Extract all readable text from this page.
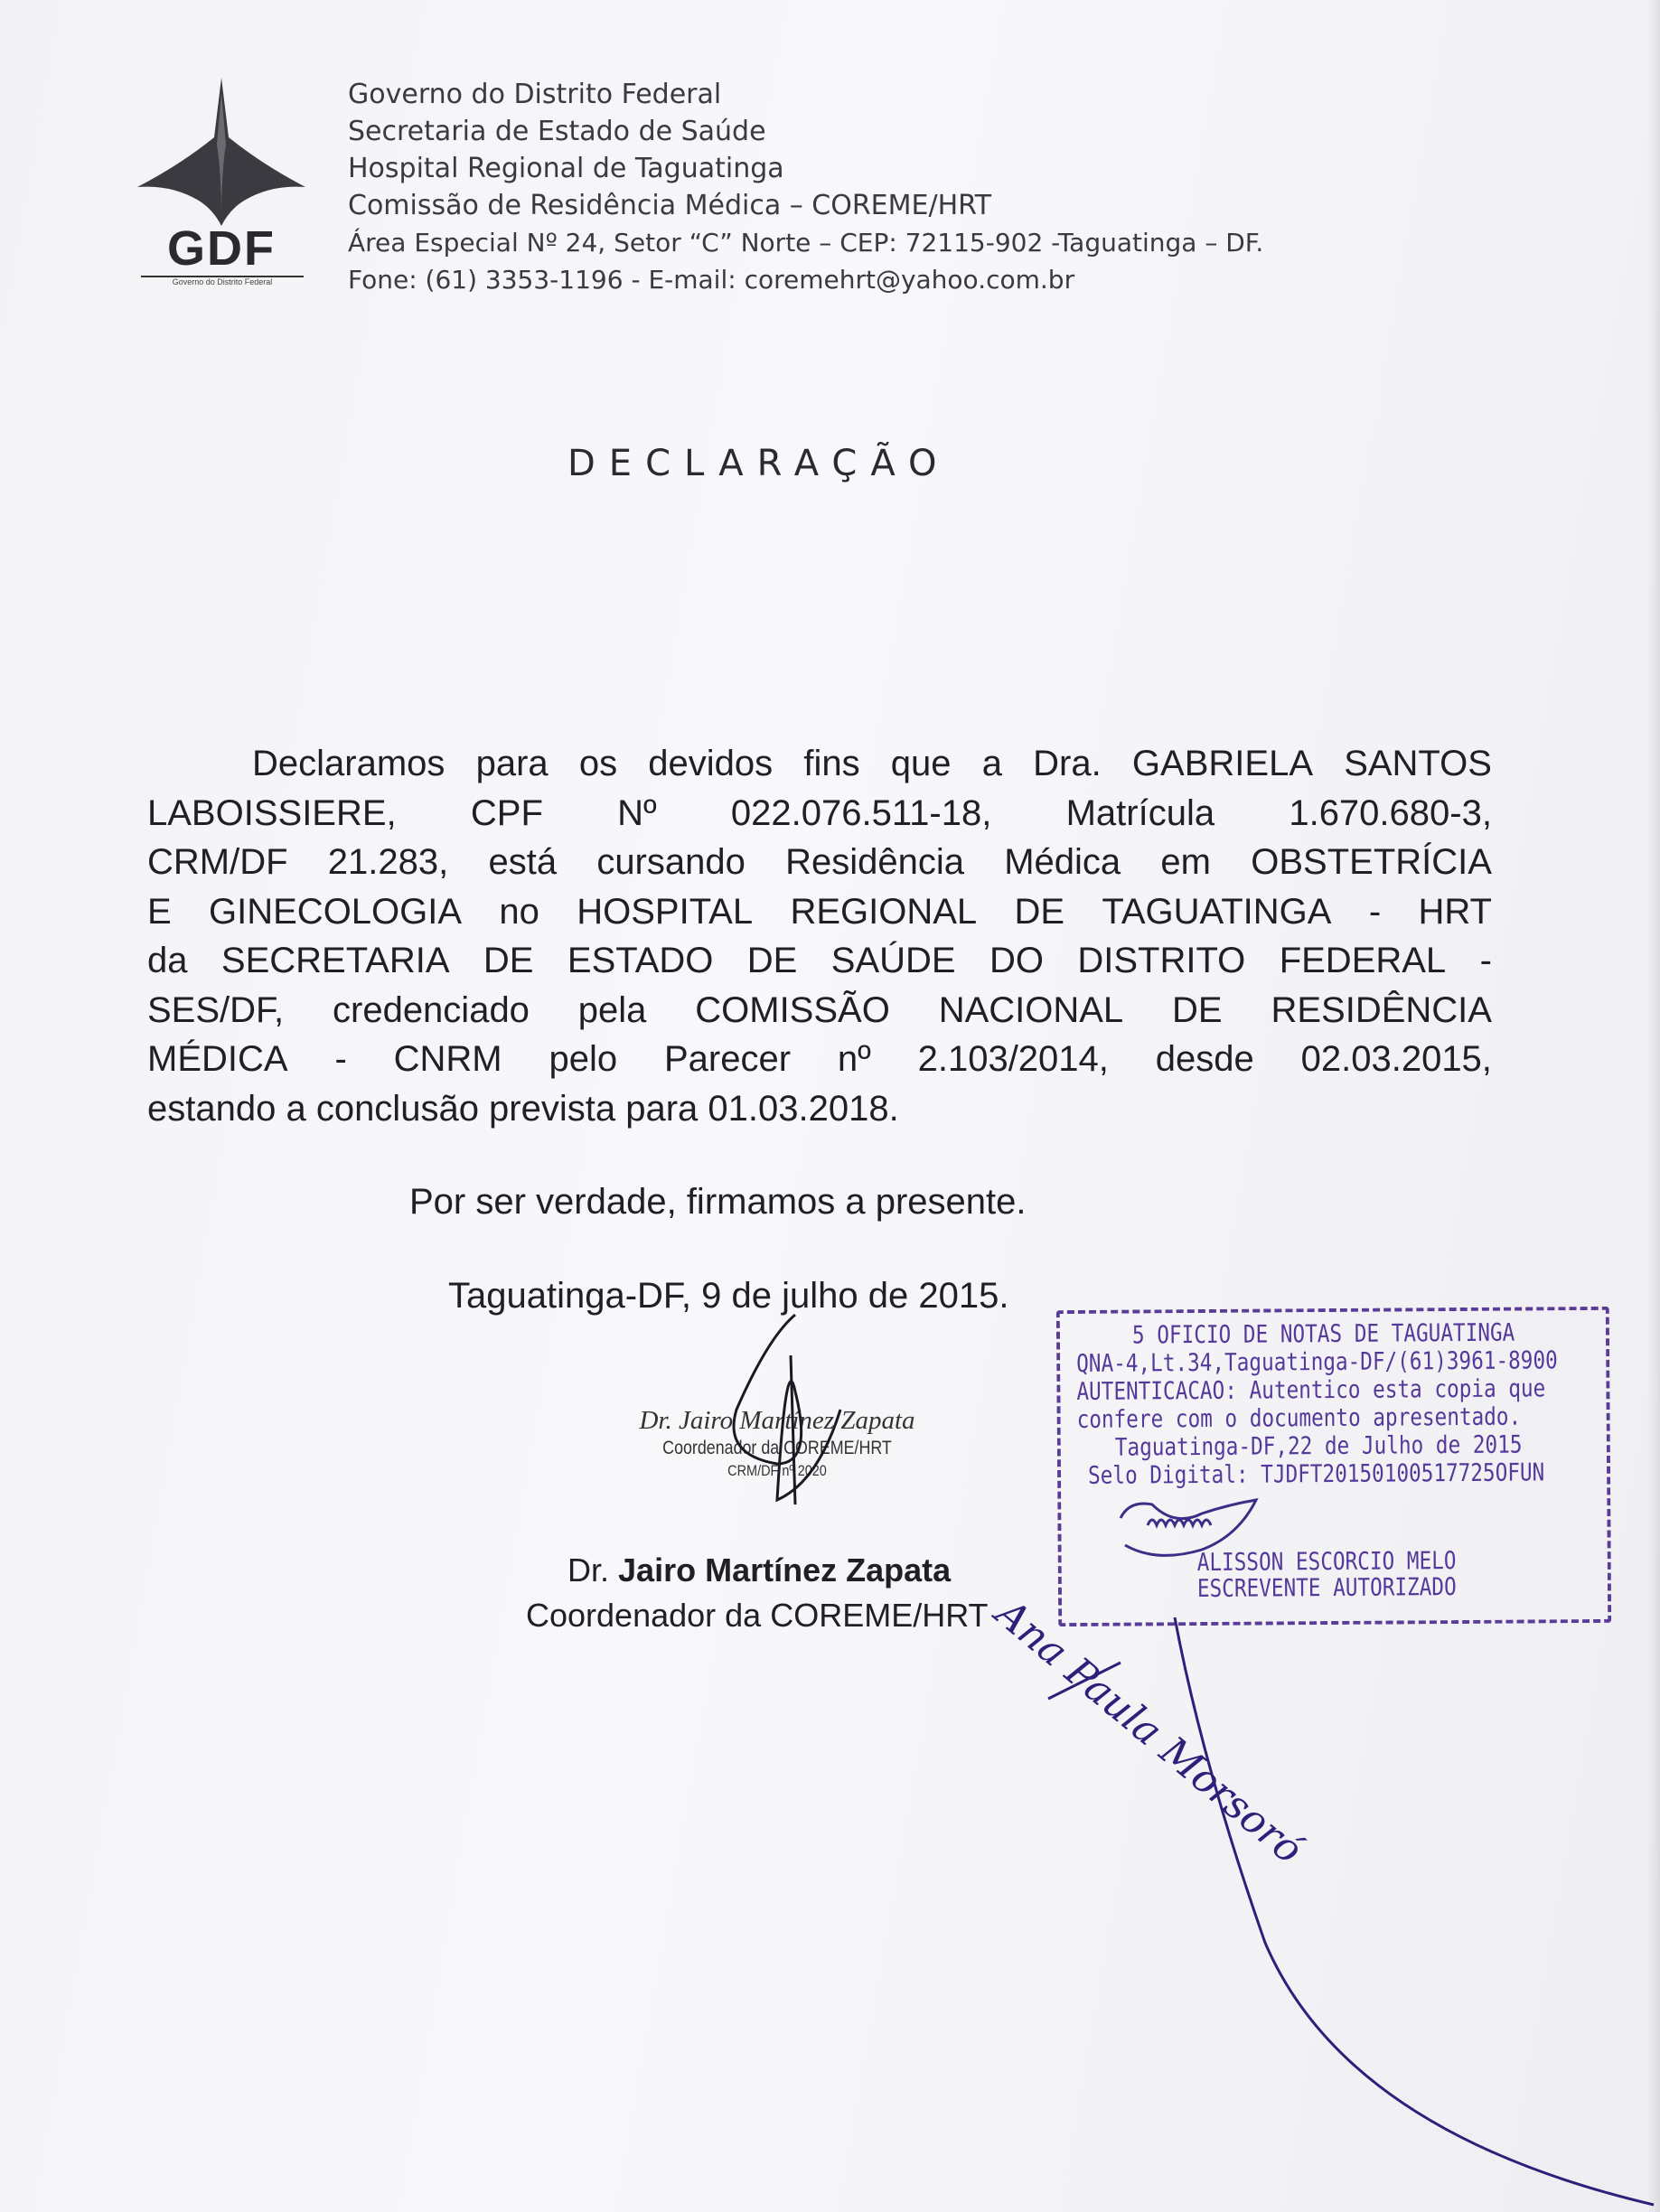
GDF
Governo do Distrito Federal
Governo do Distrito Federal
Secretaria de Estado de Saúde
Hospital Regional de Taguatinga
Comissão de Residência Médica – COREME/HRT
Área Especial Nº 24, Setor “C” Norte – CEP: 72115-902 -Taguatinga – DF.
Fone: (61) 3353-1196 - E-mail: coremehrt@yahoo.com.br
DECLARAÇÃO
Declaramos para os devidos fins que a Dra. GABRIELA SANTOS
LABOISSIERE, CPF Nº 022.076.511-18, Matrícula 1.670.680-3,
CRM/DF 21.283, está cursando Residência Médica em OBSTETRÍCIA
E GINECOLOGIA no HOSPITAL REGIONAL DE TAGUATINGA - HRT
da SECRETARIA DE ESTADO DE SAÚDE DO DISTRITO FEDERAL -
SES/DF, credenciado pela COMISSÃO NACIONAL DE RESIDÊNCIA
MÉDICA - CNRM pelo Parecer nº 2.103/2014, desde 02.03.2015,
estando a conclusão prevista para 01.03.2018.
Por ser verdade, firmamos a presente.
Taguatinga-DF, 9 de julho de 2015.
Dr. Jairo Martínez Zapata
Coordenador da COREME/HRT
CRM/DF nº 2020
Dr. Jairo Martínez Zapata
Coordenador da COREME/HRT
5 OFICIO DE NOTAS DE TAGUATINGA
QNA-4,Lt.34,Taguatinga-DF/(61)3961-8900
AUTENTICACAO: Autentico esta copia que
confere com o documento apresentado.
Taguatinga-DF,22 de Julho de 2015
Selo Digital: TJDFT20150100517725OFUN
ALISSON ESCORCIO MELO
ESCREVENTE AUTORIZADO
Ana Paula Morsoró
